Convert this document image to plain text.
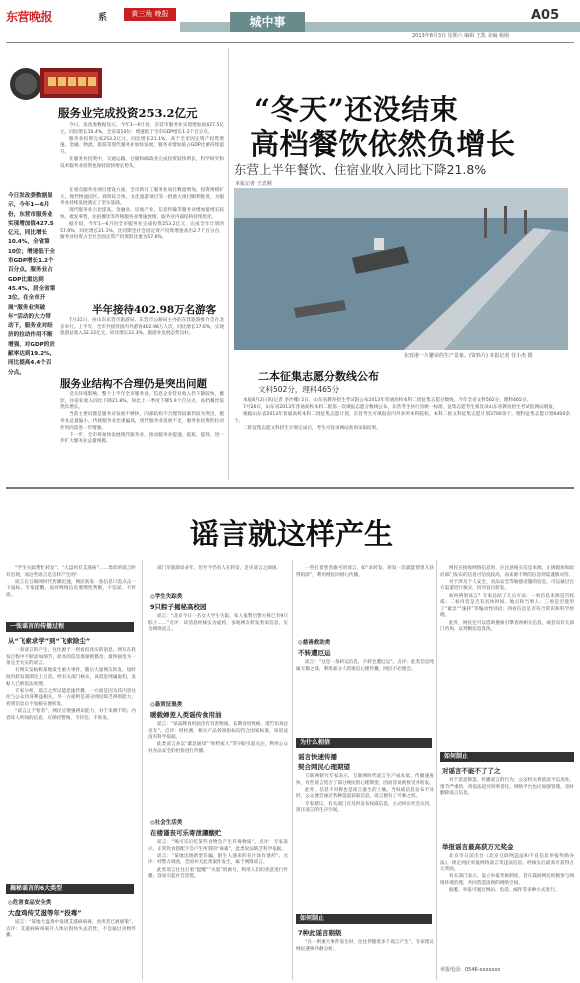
东营晚报	系	黄三角 晚报
城中事	A05
2013年8月3日 星期六 编辑 王凯 美编 杨刚
服务业完成投资253.2亿元

今日，发改委数据显示，今年1—6月份，东营市服务业实现增加值427.5亿元，同比增长10.4%，全省第10位；增速低于全市GDP增长1.2个百分点。

服务业投资完成253.2亿元，同比增长21.1%，高于全市固定资产投资增速。金融、物流、旅游等现代服务业加快发展，服务业增加值占GDP比重持续提升。

在服务业投资中，交通运输、仓储和邮政业完成投资较快增长，科学研究和技术服务业投资也保持较快增长势头。

今日发改委数据显示，今年1—6月份，东营市服务业实现增加值427.5亿元，同比增长10.4%，全省第10位；增速低于全市GDP增长1.2个百分点。服务业占GDP比重达到45.4%，居全省第3位。在全市开展“服务业突破年”活动的大力带动下，服务业对经济的拉动作用不断增强，对GDP的贡献率达到19.2%，同比提高4.4个百分点。

在重点服务业项目建设方面，全市新开工服务业项目数量增加，投资规模扩大。现代物流园区、商贸综合体、文化旅游项目等一批重大项目顺利推进，为服务业持续发展奠定了坚实基础。

现代服务业占比提高。金融业、房地产业、信息传输等服务业增加值增长较快，批发零售、住宿餐饮等传统服务业增速放缓，服务业内部结构持续优化。

据介绍，今年1—6月份全市服务业完成投资253.2亿元，完成全年计划的57.9%，同比增长21.1%，比同期全社会固定资产投资增速高出2.7个百分点，服务业投资占全社会固定资产投资的比重为57.6%。

半年接待402.98万名游客

7月31日，由山东东营市旅游局、东营市公路局主办的东营旅游推介会在北京举行。上半年，全市共接待国内外游客402.98万人次，同比增长17.6%，实现旅游总收入32.22亿元，同比增长22.3%，旅游业发展态势良好。

服务业结构不合理仍是突出问题

受关环境影响，整个上半年全市服务业、信息企业营业收入仍下降较快，餐饮、住宿业收入同比下降21.8%，同比上一季度下降5.9个百分点，高档餐饮依然负增长。

当前主要问题是服务业发展不够快，内部结构不合理等因素仍较为突出，服务业总量偏小，传统服务业比重偏高，现代服务业发展不足，服务业投资的拉动作用尚需进一步增强。

下一步，全市将加快发展现代服务业，推动服务业提速、提质、提效，进一步扩大服务业总量规模。

“冬天”还没结束
高档餐饮依然负增长
东营上半年餐饮、住宿业收入同比下降21.8%
本报记者 王忠刚
东营港一片繁荣的生产景象。(资料片) 本报记者 任小杰 摄
二本征集志愿分数线公布
文科502分，理科465分

本报8月2日讯(记者 李沙娜) 2日，山东省教育招生考试院公布2013年普通高校本科二批征集志愿分数线，今年全省文科502分，理科465分。

7月26日，山东省2013年普通高校本科二批第一次填报志愿分数线公布，东营考生执行省统一标准，征集志愿考生须登录山东省教育招生考试院网站填报。

根据山东省2013年普通高校本科二批征集志愿计划，东营考生可填报省内外多所本科院校。本科二批文科征集志愿计划3700余个，理科征集志愿计划6400余个。

二批征集志愿文科招生计划完成后，考生可登录网站查询录取结果。

谣言就这样产生

“学生失踪帮忙转发”、“大盘鸡有艾滋病”……类似的谣言时有出现，而这些谣言是怎样产生的？

谣言在互联网时代传播迅速，网民转发一条信息只需点击一下鼠标。专家提醒，面对网络信息要理性判断，不信谣、不传谣。

一张谣言的传播过程
从“飞索求学”到“飞索除尘”

一条谣言的产生，往往源于一则看似真实的消息。网友在转发过程中不断添加细节，原本的信息逐渐被篡改，最终演变为一条完全失实的谣言。

有网友发帖称某地发生重大事件，随后大量网友转发，短时间内转发量即达上万次。经有关部门核实，该消息纯属虚构，发帖人已被依法处理。

专家分析，谣言之所以能迅速传播，一方面是因为其内容往往与公众切身利益相关，另一方面则是部分网民缺乏辨别能力，看到信息后不加核实便转发。

“谣言止于智者”，网民应增强辨识能力，对于来源不明、内容耸人听闻的信息，应保持警惕，不轻信、不转发。

揭秘谣言的6大类型
◎危害食品安全类
大盘鸡传艾滋等年“投毒”

谣言：“某地大盘鸡中发现艾滋病病毒，食用者已被感染”。点评：艾滋病病毒离开人体后很快失去活性，不会通过食物传播。

部门早就辟谣多年，但至今仍有人在转发，足见谣言之顽固。

◎学生失踪类
9只粽子揭秘高校园

谣言：“北京今日一名女大学生失踪，家人报警后警方称已有9只粽子……”点评：该消息经核实为虚构，多地网友转发类似信息，实为网络谣言。

◎悬赏征集类
暖载婦差人类谣传食用油

谣言：“某品牌食用油含有有害物质，长期食用致癌，请告知身边亲友”。点评：经检测，相关产品各项指标均符合国家标准，该说法没有科学依据。

此类谣言多以“紧急通知”“转给家人”等字眼引起关注，利用公众对食品安全的担忧进行传播。

◎社会生活类
在楼谨丧可乐寄泄讓酸贮

谣言：“喝可乐后吃某些食物会产生有毒物质”。点评：专家表示，正常饮食搭配不会产生所谓的“毒素”，此类说法缺乏科学依据。

谣言：“某地出现新型诈骗，陌生人递来的名片涂有迷药”。点评：经警方调查，全国并无此类案件发生，属于网络谣言。

此类谣言往往打着“提醒”“关爱”的旗号，利用人们的善意进行传播，容易引起社会恐慌。

一些打着慈善旗号的谣言，如“求转发，转发一次就能帮患儿获得捐款”，利用网民同情心传播。

◎慈善救助类
不转遭厄运

谣言：“这是一条转运信息，不转会遭厄运”。点评：此类信息纯属无稽之谈，利用部分人的迷信心理传播，网民不必理会。

为什么相信
谣言快速传播
契合网民心理期望

互联网研究专家表示，互联网时代谣言生产成本低、传播速度快，有些谣言契合了部分网民的心理期望，因而容易被接受并转发。

此外，信息不对称也是谣言滋生的土壤。当权威信息发布不及时，公众便会通过各种渠道获取信息，谣言便有了可乘之机。

专家建议，有关部门应及时发布权威信息，主动回应社会关切，挤压谣言的生存空间。

如何制止
7种此谣言剔级

“在一则重大事件发生时，往往伴随着多个谣言产生”，专家建议网民遇事冷静分析。

网民在接收网络信息时，应注意核实信息来源。正规媒体和政府部门发布的信息可信度较高，而来源不明的信息则需谨慎对待。

对于涉及个人安全、食品安全等敏感话题的信息，可以通过官方渠道进行核实，切勿盲目转发。

如何辨别谣言？专家总结了几点方法：一看信息来源是否权威；二看内容是否有具体时间、地点和当事人；三看是否使用了“紧急”“速转”等煽动性词语；四看信息是否符合常识和科学原理。

此外，网民还可以借助搜索引擎查询相关信息，或者向有关部门咨询，以判断信息真伪。

如何制止
对谣言不能不了了之

对于恶意制造、传播谣言的行为，公安机关将依法予以查处。情节严重的，将依法追究刑事责任。网络平台也应加强管理，及时删除谣言信息。

举报谣言最高获万元奖金

北京市日前出台《北京互联网违法和不良信息举报奖励办法》，规定网民举报网络谣言等违法信息，经核实后最高可获得万元奖励。

有关部门表示，设立举报奖励制度，旨在鼓励网民积极参与网络环境治理，共同营造清朗的网络空间。

据悉，举报可通过网站、电话、邮件等多种方式进行。

举报电话：0546-xxxxxxx
